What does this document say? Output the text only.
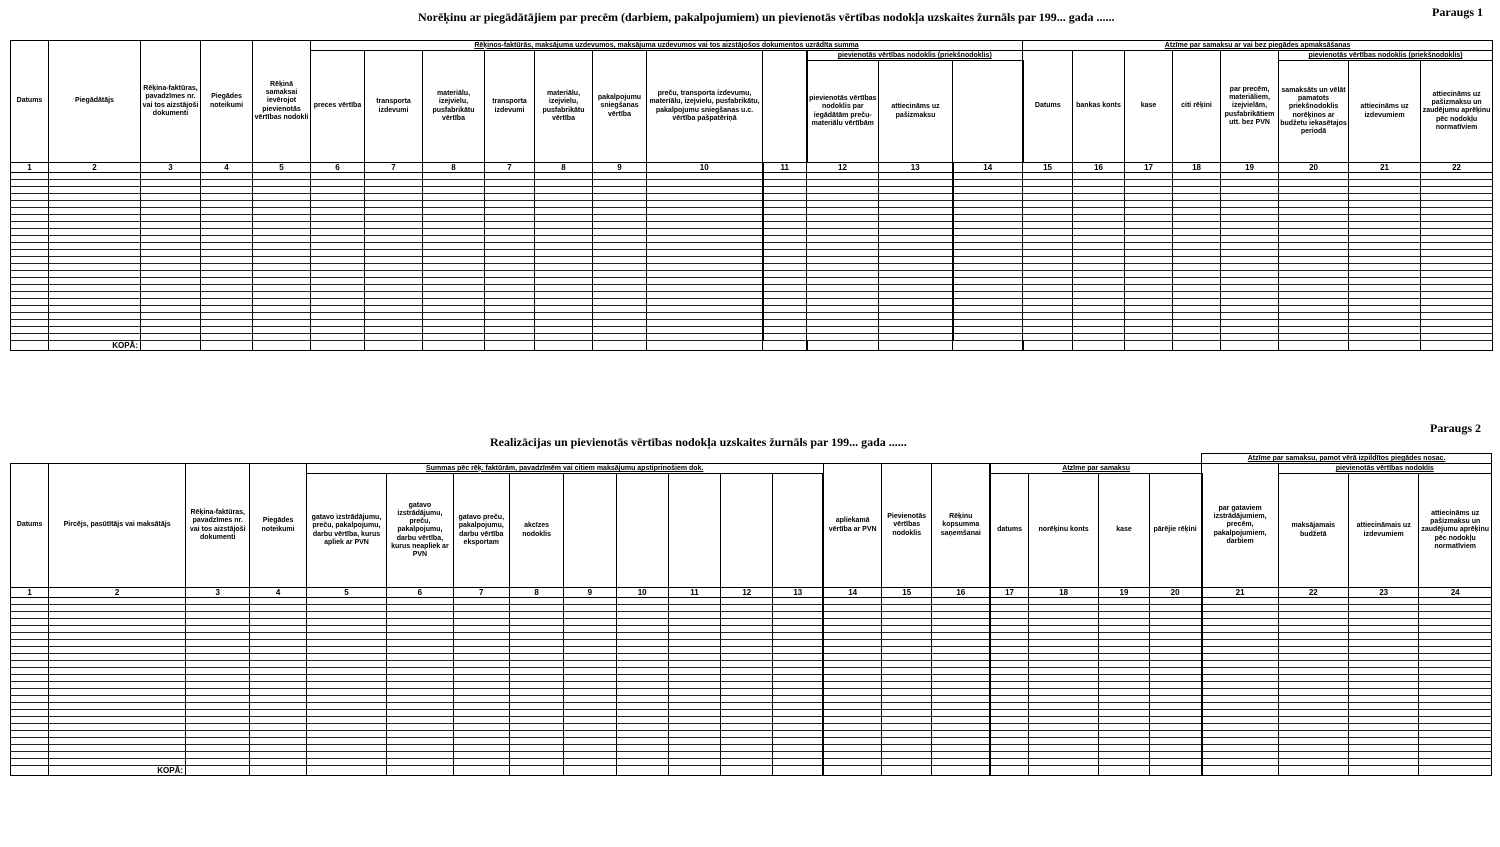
Norēķinu ar piegādātājiem par precēm (darbiem, pakalpojumiem) un pievienotās vērtības nodokļa uzskaites žurnāls par 199... gada ......	Paraugs 1
Datums	Piegādātājs	Rēķina-faktūras, pavadzīmes nr. vai tos aizstājoši dokumenti	Piegādes noteikumi	Rēķinā samaksai ievērojot pievienotās vērtības nodokli	Rēķinos-faktūrās, maksājuma uzdevumos, maksājuma uzdevumos vai tos aizstājošos dokumentos uzrādīta summa											Atzīme par samaksu ar vai bez piegādes apmaksāšanas							
					preces vērtība	transporta izdevumi	materiālu, izejvielu, pusfabrikātu vērtība	transporta izdevumi	materiālu, izejvielu, pusfabrikātu vērtība	pakalpojumu sniegšanas vērtība	preču, transporta izdevumu, materiālu, izejvielu, pusfabrikātu, pakalpojumu sniegšanas u.c. vērtība pašpatēriņā		pievienotās vērtības nodoklis (priekšnodoklis)			Datums	bankas konts	kase	citi rēķini	par precēm, materiāliem, izejvielām, pusfabrikātiem utt. bez PVN	pievienotās vērtības nodoklis (priekšnodoklis)		
													pievienotās vērtības nodoklis par iegādātām preču-materiālu vērtībām	attiecināms uz pašizmaksu							samaksāts un vēlāt pamatots priekšnodoklis norēķinos ar budžetu iekasētajos periodā	attiecināms uz izdevumiem	attiecināms uz pašizmaksu un zaudējumu aprēķinu pēc nodokļu normatīviem
1	2	3	4	5	6	7	8	7	8	9	10	11	12	13	14	15	16	17	18	19	20	21	22

	KOPĀ:																						
Realizācijas un pievienotās vērtības nodokļa uzskaites žurnāls par 199... gada ......
Paraugs 2
																				Atzīme par samaksu, pamot vērā izpildītos piegādes nosac.			
Datums	Pircējs, pasūtītājs vai maksātājs	Rēķina-faktūras, pavadzīmes nr. vai tos aizstājoši dokumenti	Piegādes noteikumi	Summas pēc rēķ. faktūrām, pavadzīmēm vai citiem maksājumu apstiprinošiem dok.									apliekamā vērtība ar PVN	Pievienotās vērtības nodoklis	Rēķinu kopsumma saņemšanai	Atzīme par samaksu				par gataviem izstrādājumiem, precēm, pakalpojumiem, darbiem	pievienotās vērtības nodoklis		
				gatavo izstrādājumu, preču, pakalpojumu, darbu vērtība, kurus apliek ar PVN	gatavo izstrādājumu, preču, pakalpojumu, darbu vērtība, kurus neapliek ar PVN	gatavo preču, pakalpojumu, darbu vērtība eksportam	akcīzes nodoklis									datums	norēķinu konts	kase	pārējie rēķini		maksājamais budžetā	attiecināmais uz izdevumiem	attiecināms uz pašizmaksu un zaudējumu aprēķinu pēc nodokļu normatīviem

1	2	3	4	5	6	7	8	9	10	11	12	13	14	15	16	17	18	19	20	21	22	23	24

	KOPĀ:																						
